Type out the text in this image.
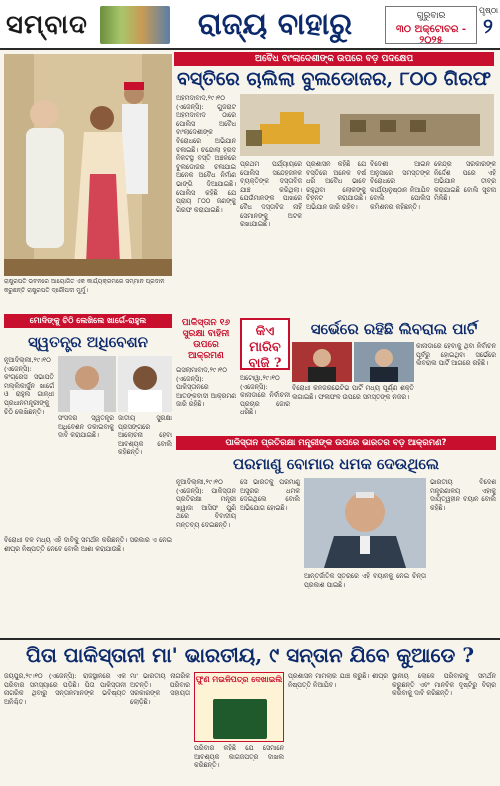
ସମ୍ବାଦ	ରାଜ୍ୟ ବାହାରୁ	ଗୁରୁବାର
୩୦ ଅକ୍ଟୋବର - ୨୦୨୫
ପୃଷ୍ଠା
୨
ରାଷ୍ଟ୍ରପତି ଭବନରେ ଆୟୋଜିତ ଏକ କାର୍ଯ୍ୟକ୍ରମରେ ସମ୍ମାନ ପ୍ରଦାନ କରୁଛନ୍ତି ରାଷ୍ଟ୍ରପତି ଦ୍ରୌପଦୀ ମୁର୍ମୁ।
ଅବୈଧ ବାଂଲାଦେଶୀଙ୍କ ଉପରେ ବଡ଼ ପଦକ୍ଷେପ
ବସ୍ତିରେ ଚାଲିଲା ବୁଲଡୋଜର, ୮୦୦ ଗିରଫ
ଅହମଦାବାଦ,୨୯।୧୦ (ଏଜେନ୍ସି): ଗୁଜରାଟ ଅହମଦାବାଦ ଠାରେ ପୋଲିସ ଅବୈଧ ବାଂଲାଦେଶୀଙ୍କ ବିରୋଧରେ ଅଭିଯାନ ଚଳାଇଛି। ଚନ୍ଦୋଲା ହ୍ରଦ ନିକଟସ୍ଥ ବସ୍ତି ଅଞ୍ଚଳରେ ବୁଲଡୋଜର ଚଳାଯାଇ ଅନେକ ଅବୈଧ ନିର୍ମାଣ ଭାଙ୍ଗି ଦିଆଯାଇଛି। ପୋଲିସ କହିଛି ଯେ ପ୍ରାୟ ୮୦୦ ଜଣଙ୍କୁ ଗିରଫ କରାଯାଇଛି।
ପ୍ରଥମ ପର୍ଯ୍ୟାୟରେ ପୋଲିସ ସନ୍ଦେହଜନକ ବ୍ୟକ୍ତିଙ୍କ ଦସ୍ତାବିଜ ଯାଞ୍ଚ କରିଥିଲା। ଯେଉଁମାନଙ୍କ ପାଖରେ ବୈଧ ଦସ୍ତାବିଜ ନାହିଁ ସେମାନଙ୍କୁ ଅଟକ ରଖାଯାଇଛି।
ପ୍ରଶାସନ କହିଛି ଯେ ବସ୍ତିରେ ଅନେକ ବର୍ଷ ଧରି ଅବୈଧ ଭାବେ ରହୁଥିବା ଲୋକଙ୍କୁ ଚିହ୍ନଟ କରାଯାଉଛି। ଅଭିଯାନ ଜାରି ରହିବ।
ବିଦେଶୀ ଆଇନ ଅନୁସାରେ ସମସ୍ତଙ୍କ ବିରୋଧରେ କାର୍ଯ୍ୟାନୁଷ୍ଠାନ ନିଆଯିବ ବୋଲି ପୋଲିସ କମିଶନର କହିଛନ୍ତି।
କେନ୍ଦ୍ର ସରକାରଙ୍କ ନିର୍ଦ୍ଦେଶ ପରେ ଏହି ଅଭିଯାନ ତୀବ୍ର କରାଯାଇଛି ବୋଲି ସୂଚନା ମିଳିଛି।
ମୋଦିଙ୍କୁ ଚିଠି ଲେଖିଲେ ଖାର୍ଗେ-ରାହୁଲ
ସ୍ୱତନ୍ତ୍ର ଅଧିବେଶନ
ନୂଆଦିଲ୍ଲୀ,୨୯।୧୦ (ଏଜେନ୍ସି): କଂଗ୍ରେସ ସଭାପତି ମଲ୍ଲିକାର୍ଜୁନ ଖାର୍ଗେ ଓ ରାହୁଲ ଗାନ୍ଧୀ ପ୍ରଧାନମନ୍ତ୍ରୀଙ୍କୁ ଚିଠି ଲେଖିଛନ୍ତି।
ସଂସଦର ସ୍ୱତନ୍ତ୍ର ଅଧିବେଶନ ଡକାଇବାକୁ ଦାବି କରାଯାଇଛି।
ଜାତୀୟ ସୁରକ୍ଷା ପ୍ରସଙ୍ଗରେ ଆଲୋଚନା ହେବା ଆବଶ୍ୟକ ବୋଲି କହିଛନ୍ତି।
ବିରୋଧୀ ଦଳ ମଧ୍ୟ ଏହି ଦାବିକୁ ସମର୍ଥନ କରିଛନ୍ତି। ସରକାର ଏ ନେଇ ଶୀଘ୍ର ନିଷ୍ପତ୍ତି ନେବେ ବୋଲି ଆଶା କରାଯାଉଛି।
ପାକିସ୍ତାନ ୧୬ ସୁରକ୍ଷା ବାହିନୀ ଉପରେ ଆକ୍ରମଣ
ଇସଲାମାବାଦ,୨୯।୧୦ (ଏଜେନ୍ସି): ପାକିସ୍ତାନରେ ଆତଙ୍କବାଦୀ ଆକ୍ରମଣ ଜାରି ରହିଛି।
କିଏ ମାରିବ ବାଜି ?
ସର୍ଭେରେ ରହିଛି ଲିବରାଲ ପାର୍ଟି
କାନାଡାରେ ହେବାକୁ ଥିବା ନିର୍ବାଚନ ପୂର୍ବରୁ ହୋଇଥିବା ସର୍ଭେରେ ଲିବରାଲ ପାର୍ଟି ଆଗରେ ରହିଛି।
ଅଟୋୱା,୨୯।୧୦ (ଏଜେନ୍ସି): କାନାଡାରେ ନିର୍ବାଚନୀ ପ୍ରଚାର ଜୋର ଧରିଛି।
ବିରୋଧୀ କନଜରଭେଟିଭ ପାର୍ଟି ମଧ୍ୟ ପୂର୍ଣ୍ଣ ଶକ୍ତି ଲଗାଇଛି। ଫଳାଫଳ ଉପରେ ସମସ୍ତଙ୍କ ନଜର।
ପାକିସ୍ତାନ ପ୍ରତିରକ୍ଷା ମନ୍ତ୍ରୀଙ୍କ ଉପରେ ଭାରତର ବଡ଼ ଆକ୍ରମଣ?
ପରମାଣୁ ବୋମାର ଧମକ ଦେଉଥିଲେ
ନୂଆଦିଲ୍ଲୀ,୨୯।୧୦ (ଏଜେନ୍ସି): ପାକିସ୍ତାନ ପ୍ରତିରକ୍ଷା ମନ୍ତ୍ରୀ ଖ୍ୱାଜା ଆସିଫ ପୁଣି ଥରେ ବିବାଦୀୟ ମନ୍ତବ୍ୟ ଦେଇଛନ୍ତି।
ସେ ଭାରତକୁ ପରମାଣୁ ଅସ୍ତ୍ରର ଧମକ ଦେଇଥିଲେ ବୋଲି ଅଭିଯୋଗ ହୋଇଛି।
ଭାରତୀୟ ବିଦେଶ ମନ୍ତ୍ରଣାଳୟ ଏହାକୁ ଦାୟିତ୍ୱହୀନ ବୟାନ ବୋଲି କହିଛି।
ଆନ୍ତର୍ଜାତିକ ସ୍ତରରେ ଏହି ବୟାନକୁ ନେଇ ଚିନ୍ତା ପ୍ରକାଶ ପାଇଛି।
ପିତା ପାକିସ୍ତାନୀ ମା' ଭାରତୀୟ, ୯ ସନ୍ତାନ ଯିବେ କୁଆଡେ ?
ଜୟପୁର,୨୯।୧୦ (ଏଜେନ୍ସି): ରାଜସ୍ଥାନରେ ଏକ ପରିବାର ସମସ୍ୟାରେ ପଡ଼ିଛି। ପିତା ପାକିସ୍ତାନୀ ନାଗରିକ ଥିବାରୁ ସନ୍ତାନମାନଙ୍କ ଭବିଷ୍ୟତ ଅନିଶ୍ଚିତ।
ମା' ଭାରତୀୟ ନାଗରିକ ଅଟନ୍ତି। ପରିବାର ସରକାରଙ୍କ ସହାୟତା ଲୋଡ଼ିଛି।
ଫୁଣ ମଇଳିପତ୍ର ଦେଖାଇଲି
ପରିବାର କହିଛି ଯେ ସେମାନେ ଆବଶ୍ୟକ କାଗଜପତ୍ର ଦାଖଲ କରିଛନ୍ତି।
ପ୍ରଶାସନ ମାମଲାର ଯାଞ୍ଚ କରୁଛି। ଶୀଘ୍ର ନିଷ୍ପତ୍ତି ନିଆଯିବ।
ସ୍ଥାନୀୟ ଲୋକେ ପରିବାରକୁ ସମର୍ଥନ କରୁଛନ୍ତି ଏବଂ ମାନବିକ ଦୃଷ୍ଟିରୁ ବିଚାର କରିବାକୁ ଦାବି କରିଛନ୍ତି।
